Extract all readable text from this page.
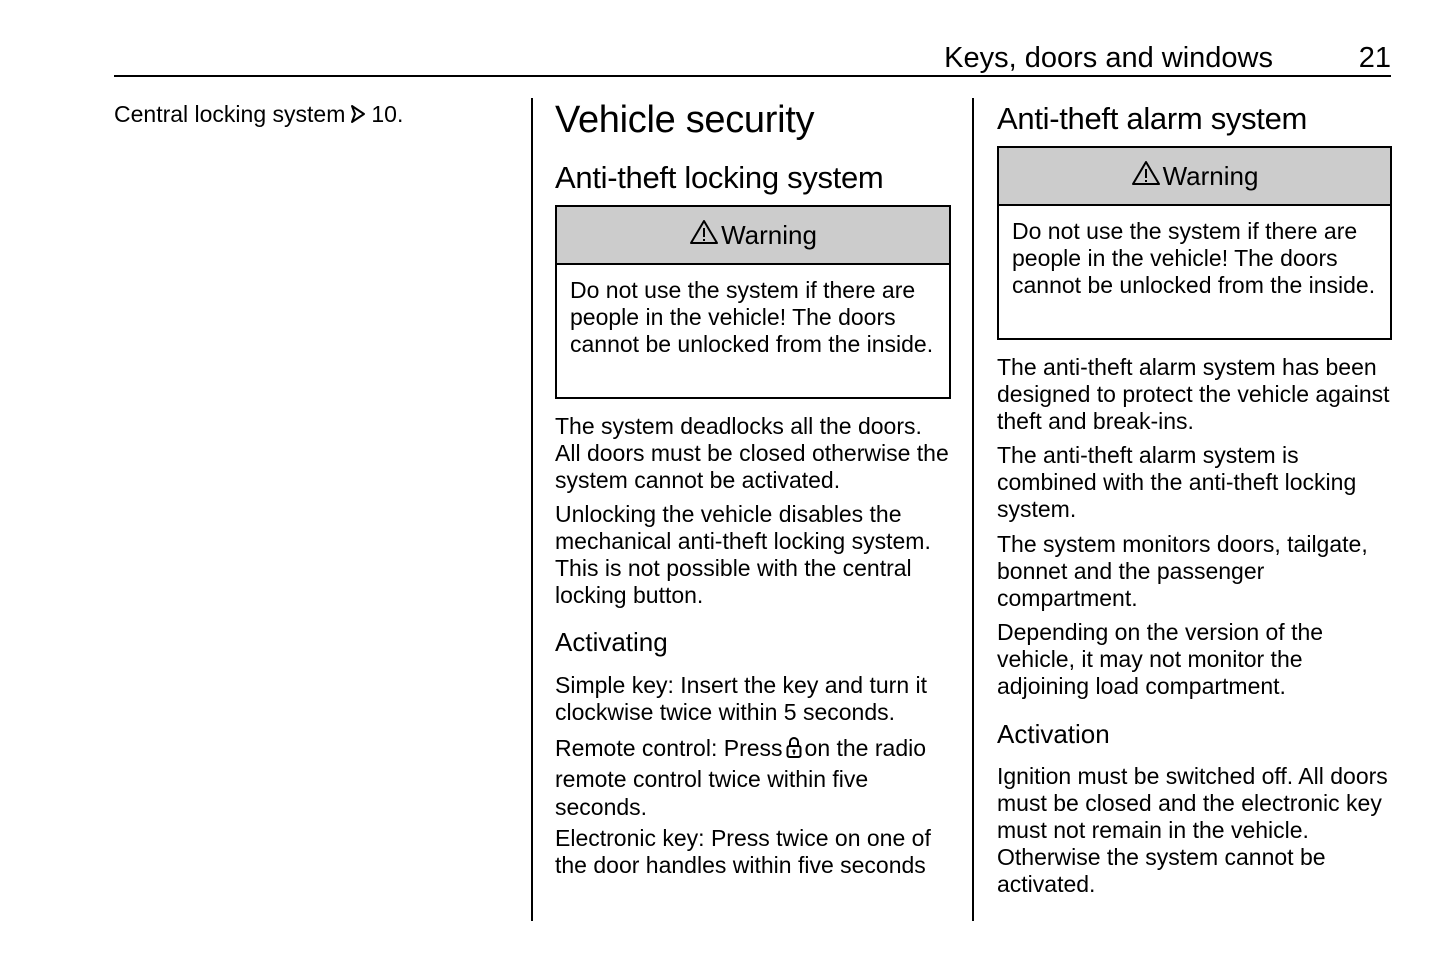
Keys, doors and windows	21

Central locking system 10.	Vehicle security
Anti-theft locking system
Warning
Do not use the system if there are people in the vehicle! The doors cannot be unlocked from the inside.

The system deadlocks all the doors. All doors must be closed otherwise the system cannot be activated.

Unlocking the vehicle disables the mechanical anti-theft locking system. This is not possible with the central locking button.

Activating

Simple key: Insert the key and turn it clockwise twice within 5 seconds.

Remote control: Press on the radio remote control twice within five seconds.

Electronic key: Press twice on one of the door handles within five seconds

Anti-theft alarm system
Warning
Do not use the system if there are people in the vehicle! The doors cannot be unlocked from the inside.

The anti-theft alarm system has been designed to protect the vehicle against theft and break-ins.

The anti-theft alarm system is combined with the anti-theft locking system.

The system monitors doors, tailgate, bonnet and the passenger compartment.

Depending on the version of the vehicle, it may not monitor the adjoining load compartment.

Activation

Ignition must be switched off. All doors must be closed and the electronic key must not remain in the vehicle. Otherwise the system cannot be activated.
